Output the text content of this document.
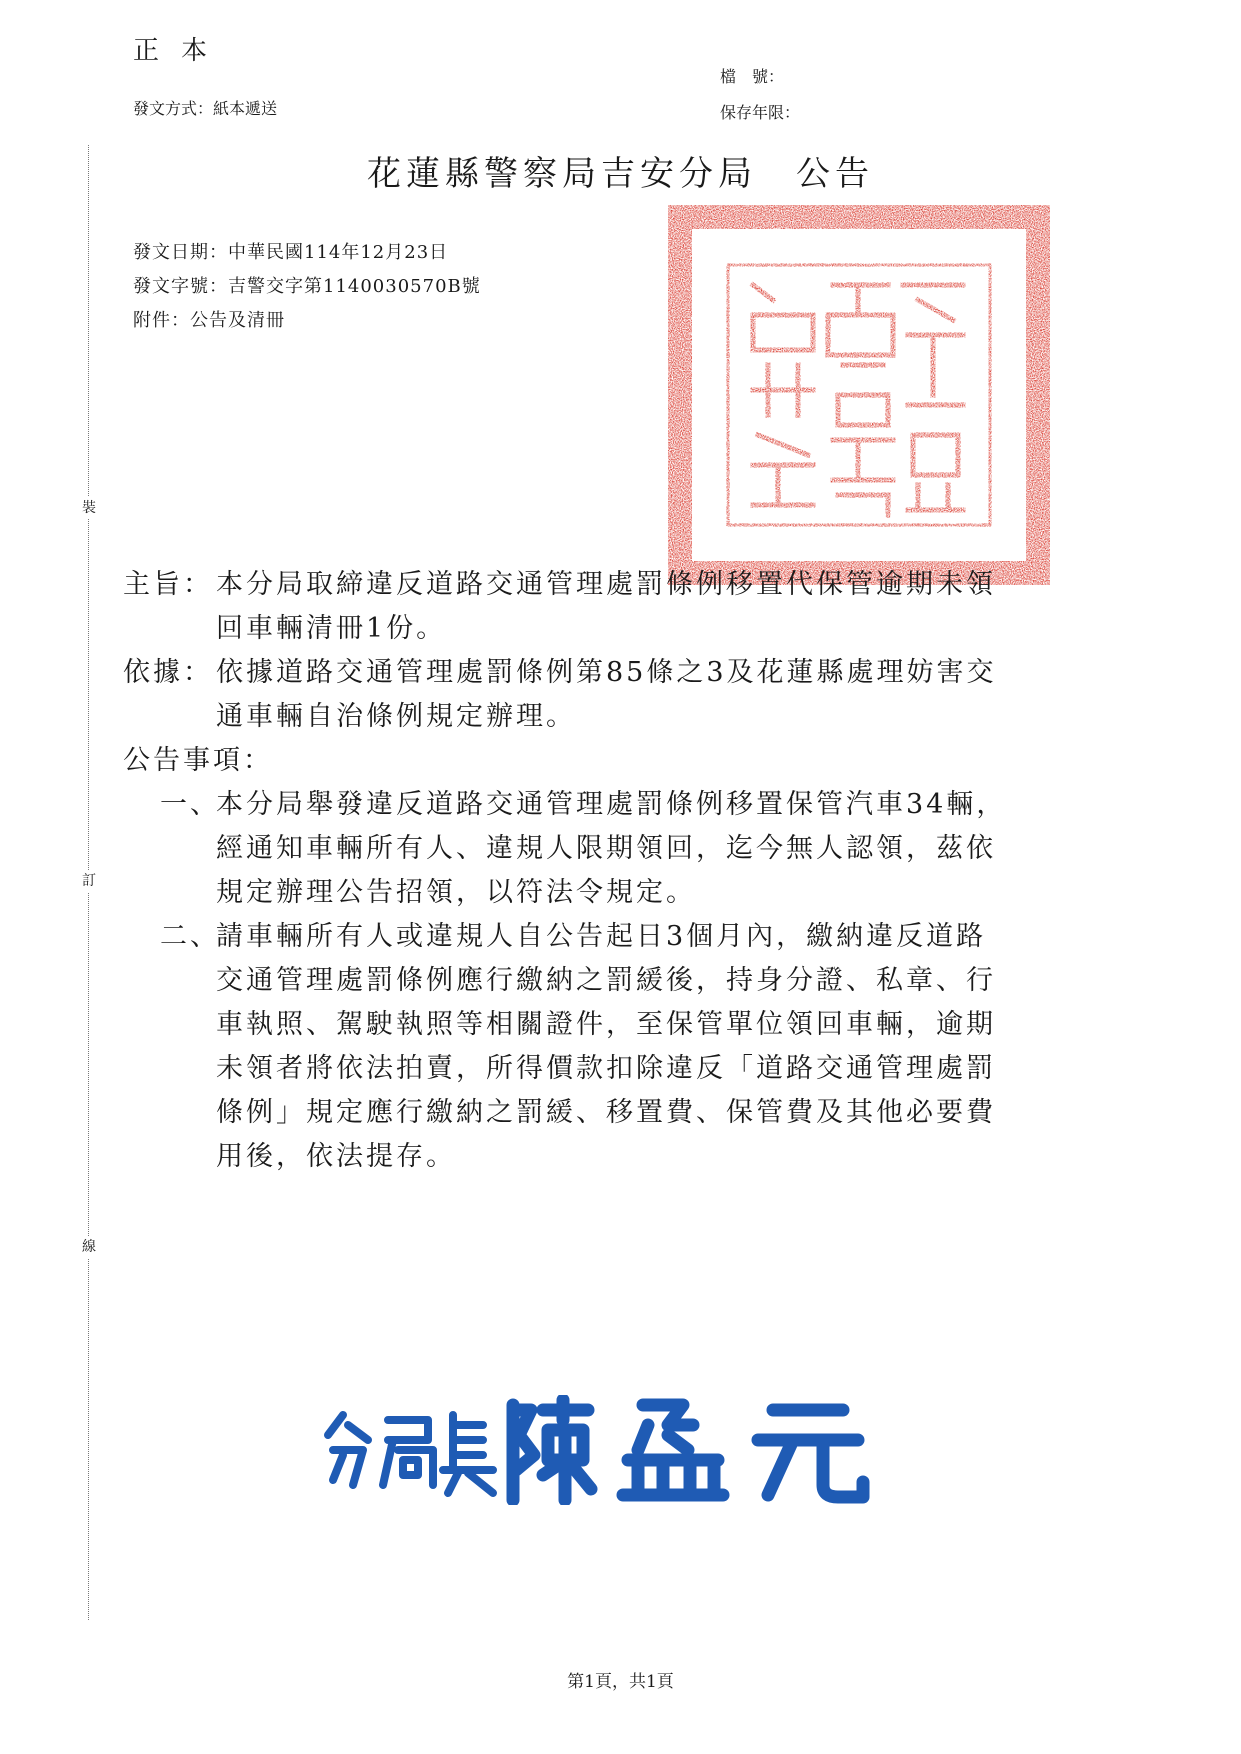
正本
發文方式：紙本遞送
檔　號：
保存年限：
裝
訂
線
花蓮縣警察局吉安分局　公告
發文日期：中華民國114年12月23日
發文字號：吉警交字第1140030570B號
附件：公告及清冊
主旨： 本分局取締違反道路交通管理處罰條例移置代保管逾期未領
回車輛清冊1份。
依據： 依據道路交通管理處罰條例第85條之3及花蓮縣處理妨害交
通車輛自治條例規定辦理。
公告事項：
一、
本分局舉發違反道路交通管理處罰條例移置保管汽車34輛，
經通知車輛所有人、違規人限期領回，迄今無人認領，茲依
規定辦理公告招領，以符法令規定。
二、
請車輛所有人或違規人自公告起日3個月內，繳納違反道路
交通管理處罰條例應行繳納之罰緩後，持身分證、私章、行
車執照、駕駛執照等相關證件，至保管單位領回車輛，逾期
未領者將依法拍賣，所得價款扣除違反「道路交通管理處罰
條例」規定應行繳納之罰緩、移置費、保管費及其他必要費
用後，依法提存。
第1頁，共1頁
